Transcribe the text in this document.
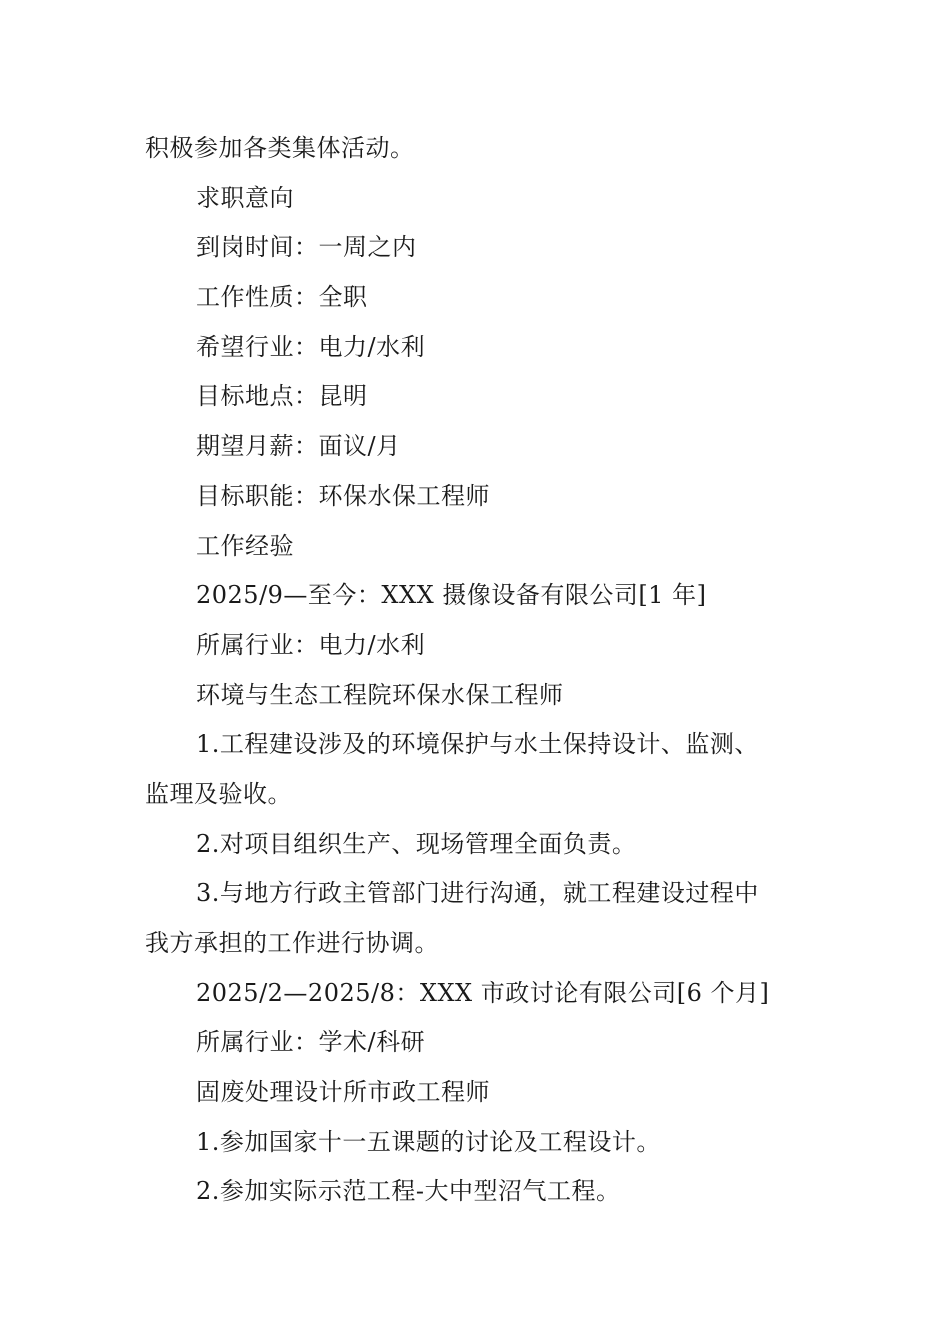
积极参加各类集体活动。
求职意向
到岗时间：一周之内
工作性质：全职
希望行业：电力/水利
目标地点：昆明
期望月薪：面议/月
目标职能：环保水保工程师
工作经验
2025/9—至今：XXX 摄像设备有限公司[1 年]
所属行业：电力/水利
环境与生态工程院环保水保工程师
1.工程建设涉及的环境保护与水土保持设计、监测、
监理及验收。
2.对项目组织生产、现场管理全面负责。
3.与地方行政主管部门进行沟通，就工程建设过程中
我方承担的工作进行协调。
2025/2—2025/8：XXX 市政讨论有限公司[6 个月]
所属行业：学术/科研
固废处理设计所市政工程师
1.参加国家十一五课题的讨论及工程设计。
2.参加实际示范工程-大中型沼气工程。
